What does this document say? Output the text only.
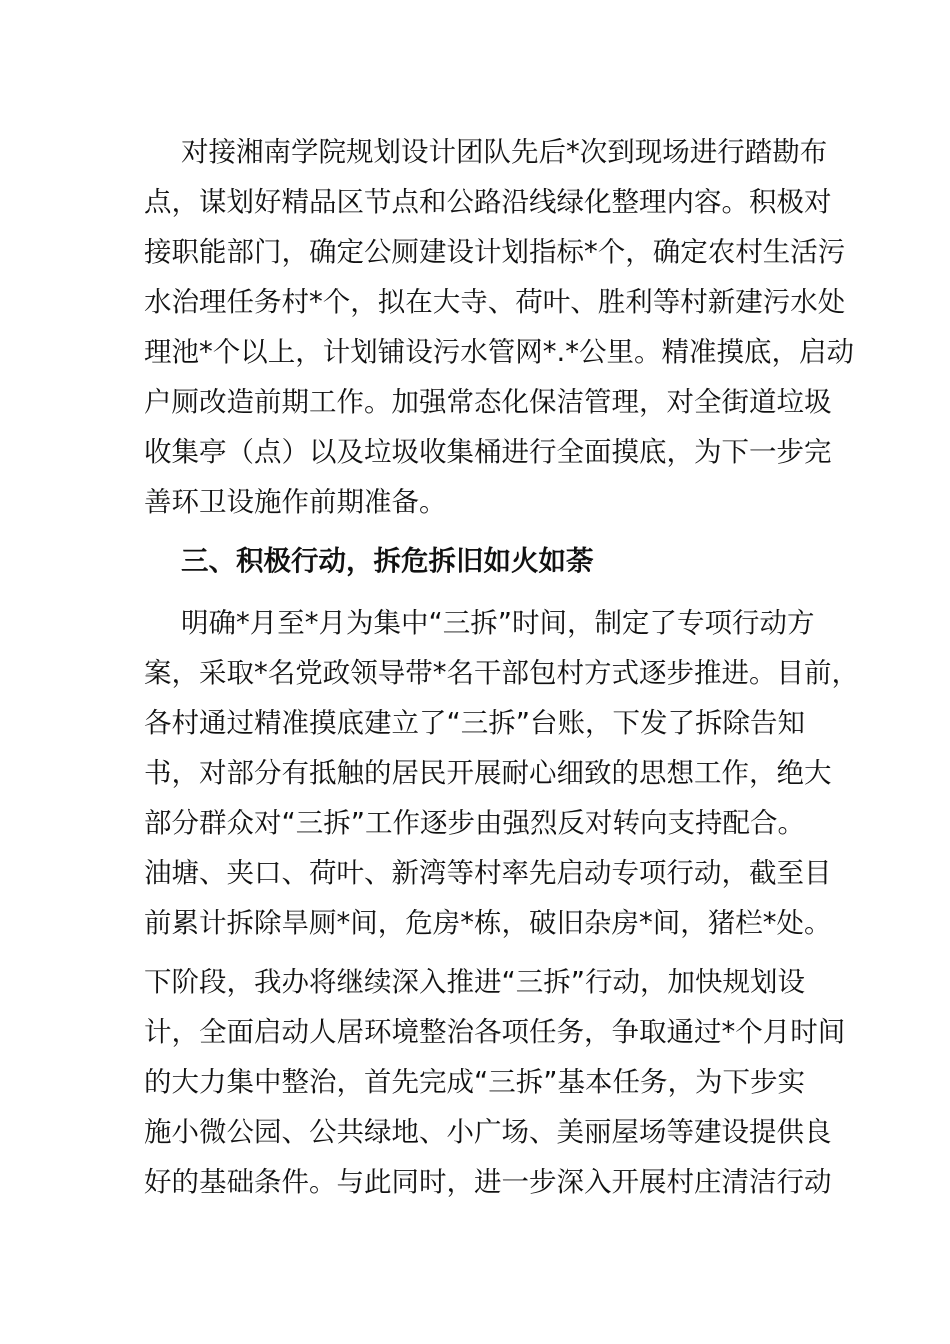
对接湘南学院规划设计团队先后*次到现场进行踏勘布
点，谋划好精品区节点和公路沿线绿化整理内容。积极对
接职能部门，确定公厕建设计划指标*个，确定农村生活污
水治理任务村*个，拟在大寺、荷叶、胜利等村新建污水处
理池*个以上，计划铺设污水管网*.*公里。精准摸底，启动
户厕改造前期工作。加强常态化保洁管理，对全街道垃圾
收集亭（点）以及垃圾收集桶进行全面摸底，为下一步完
善环卫设施作前期准备。
三、积极行动，拆危拆旧如火如荼
明确*月至*月为集中“三拆”时间，制定了专项行动方
案，采取*名党政领导带*名干部包村方式逐步推进。目前，
各村通过精准摸底建立了“三拆”台账，下发了拆除告知
书，对部分有抵触的居民开展耐心细致的思想工作，绝大
部分群众对“三拆”工作逐步由强烈反对转向支持配合。
油塘、夹口、荷叶、新湾等村率先启动专项行动，截至目
前累计拆除旱厕*间，危房*栋，破旧杂房*间，猪栏*处。
下阶段，我办将继续深入推进“三拆”行动，加快规划设
计，全面启动人居环境整治各项任务，争取通过*个月时间
的大力集中整治，首先完成“三拆”基本任务，为下步实
施小微公园、公共绿地、小广场、美丽屋场等建设提供良
好的基础条件。与此同时，进一步深入开展村庄清洁行动
